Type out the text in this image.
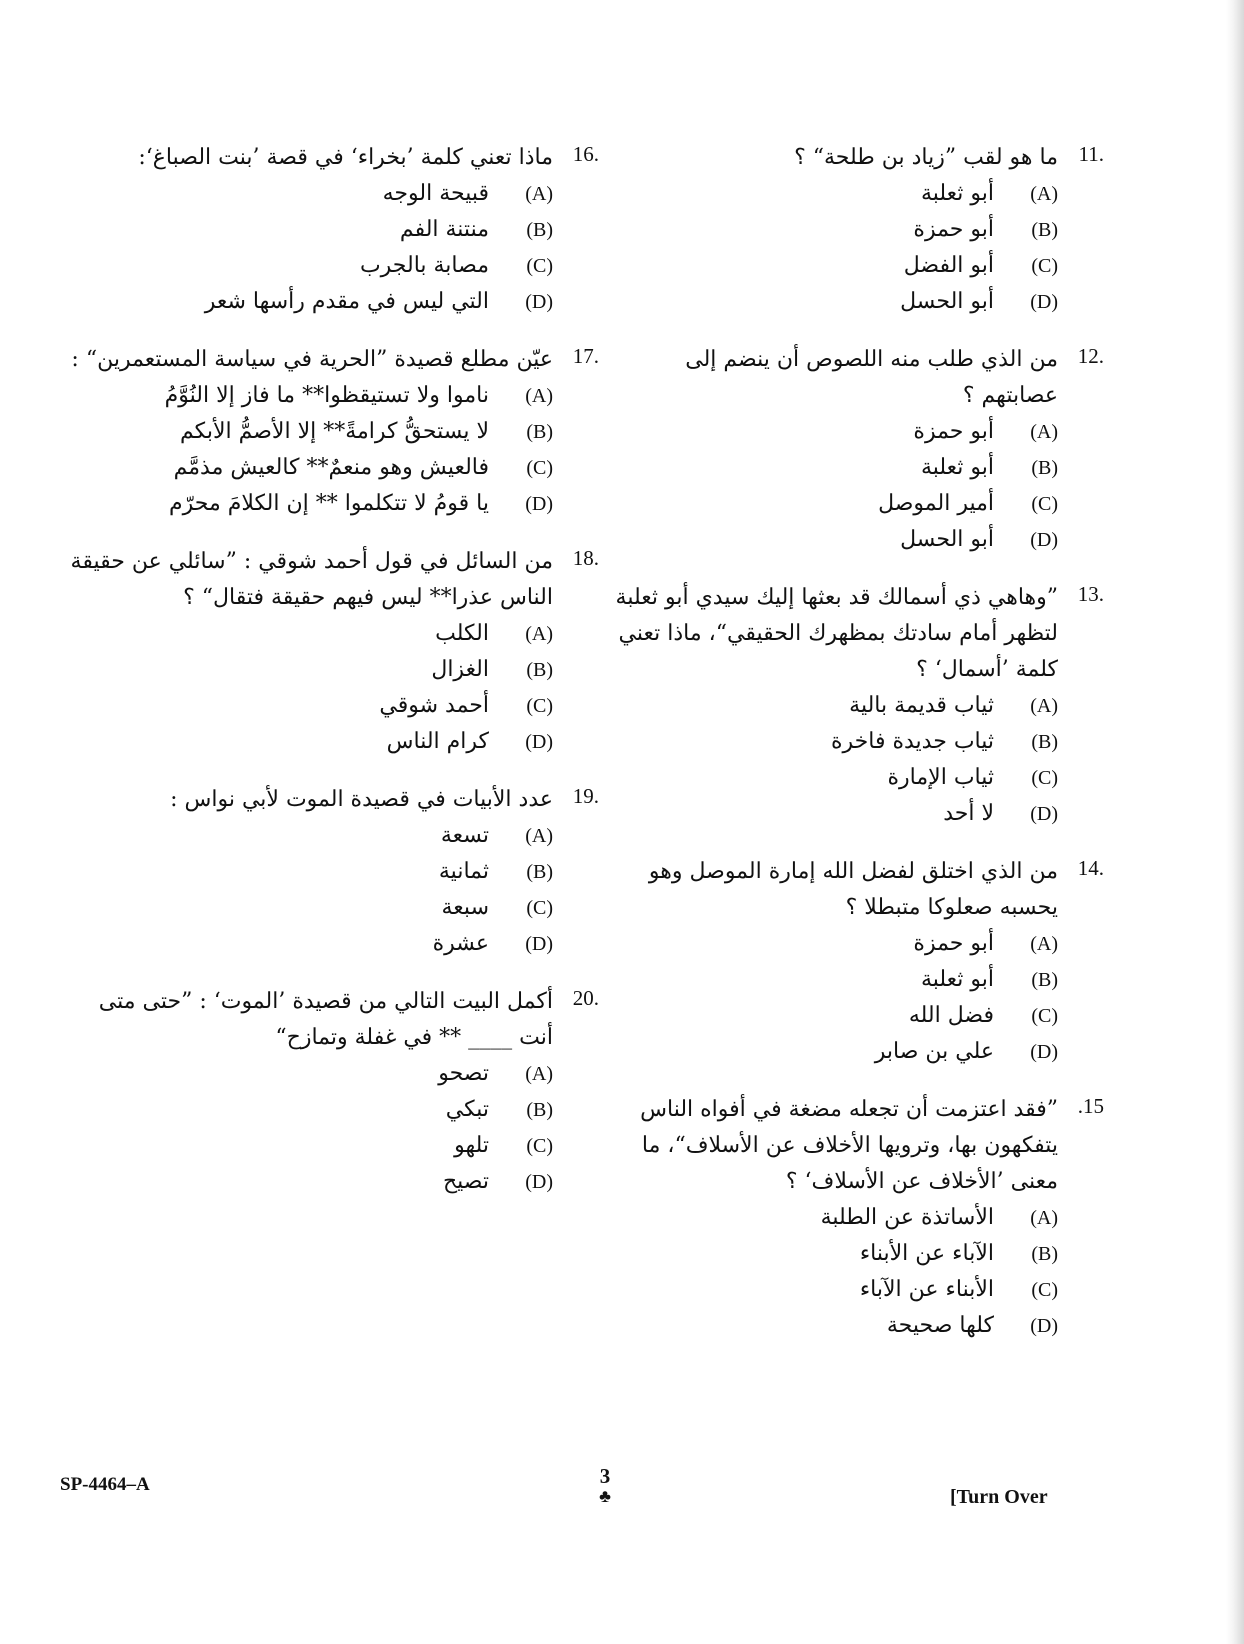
11.
ما هو لقب ”زياد بن طلحة“ ؟
(A)
أبو ثعلبة
(B)
أبو حمزة
(C)
أبو الفضل
(D)
أبو الحسل
12.
من الذي طلب منه اللصوص أن ينضم إلى عصابتهم ؟
(A)
أبو حمزة
(B)
أبو ثعلبة
(C)
أمير الموصل
(D)
أبو الحسل
13.
”وهاهي ذي أسمالك قد بعثها إليك سيدي أبو ثعلبة لتظهر أمام سادتك بمظهرك الحقيقي“، ماذا تعني كلمة ’أسمال‘ ؟
(A)
ثياب قديمة بالية
(B)
ثياب جديدة فاخرة
(C)
ثياب الإمارة
(D)
لا أحد
14.
من الذي اختلق لفضل الله إمارة الموصل وهو يحسبه صعلوكا متبطلا ؟
(A)
أبو حمزة
(B)
أبو ثعلبة
(C)
فضل الله
(D)
علي بن صابر
.15
”فقد اعتزمت أن تجعله مضغة في أفواه الناس يتفكهون بها، وترويها الأخلاف عن الأسلاف“، ما معنى ’الأخلاف عن الأسلاف‘ ؟
(A)
الأساتذة عن الطلبة
(B)
الآباء عن الأبناء
(C)
الأبناء عن الآباء
(D)
كلها صحيحة
16.
ماذا تعني كلمة ’بخراء‘ في قصة ’بنت الصباغ‘:
(A)
قبيحة الوجه
(B)
منتنة الفم
(C)
مصابة بالجرب
(D)
التي ليس في مقدم رأسها شعر
17.
عيّن مطلع قصيدة ”الحرية في سياسة المستعمرين“ :
(A)
ناموا ولا تستيقظوا** ما فاز إلا النُوَّمُ
(B)
لا يستحقُّ كرامةً** إلا الأصمُّ الأبكم
(C)
فالعيش وهو منعمٌ** كالعيش مذمَّم
(D)
يا قومُ لا تتكلموا ** إن الكلامَ محرّم
18.
من السائل في قول أحمد شوقي : ”سائلي عن حقيقة الناس عذرا** ليس فيهم حقيقة فتقال“ ؟
(A)
الكلب
(B)
الغزال
(C)
أحمد شوقي
(D)
كرام الناس
19.
عدد الأبيات في قصيدة الموت لأبي نواس :
(A)
تسعة
(B)
ثمانية
(C)
سبعة
(D)
عشرة
20.
أكمل البيت التالي من قصيدة ’الموت‘ : ”حتى متى أنت ____ ** في غفلة وتمازح“
(A)
تصحو
(B)
تبكي
(C)
تلهو
(D)
تصيح
SP-4464–A	3
♣	[Turn Over
